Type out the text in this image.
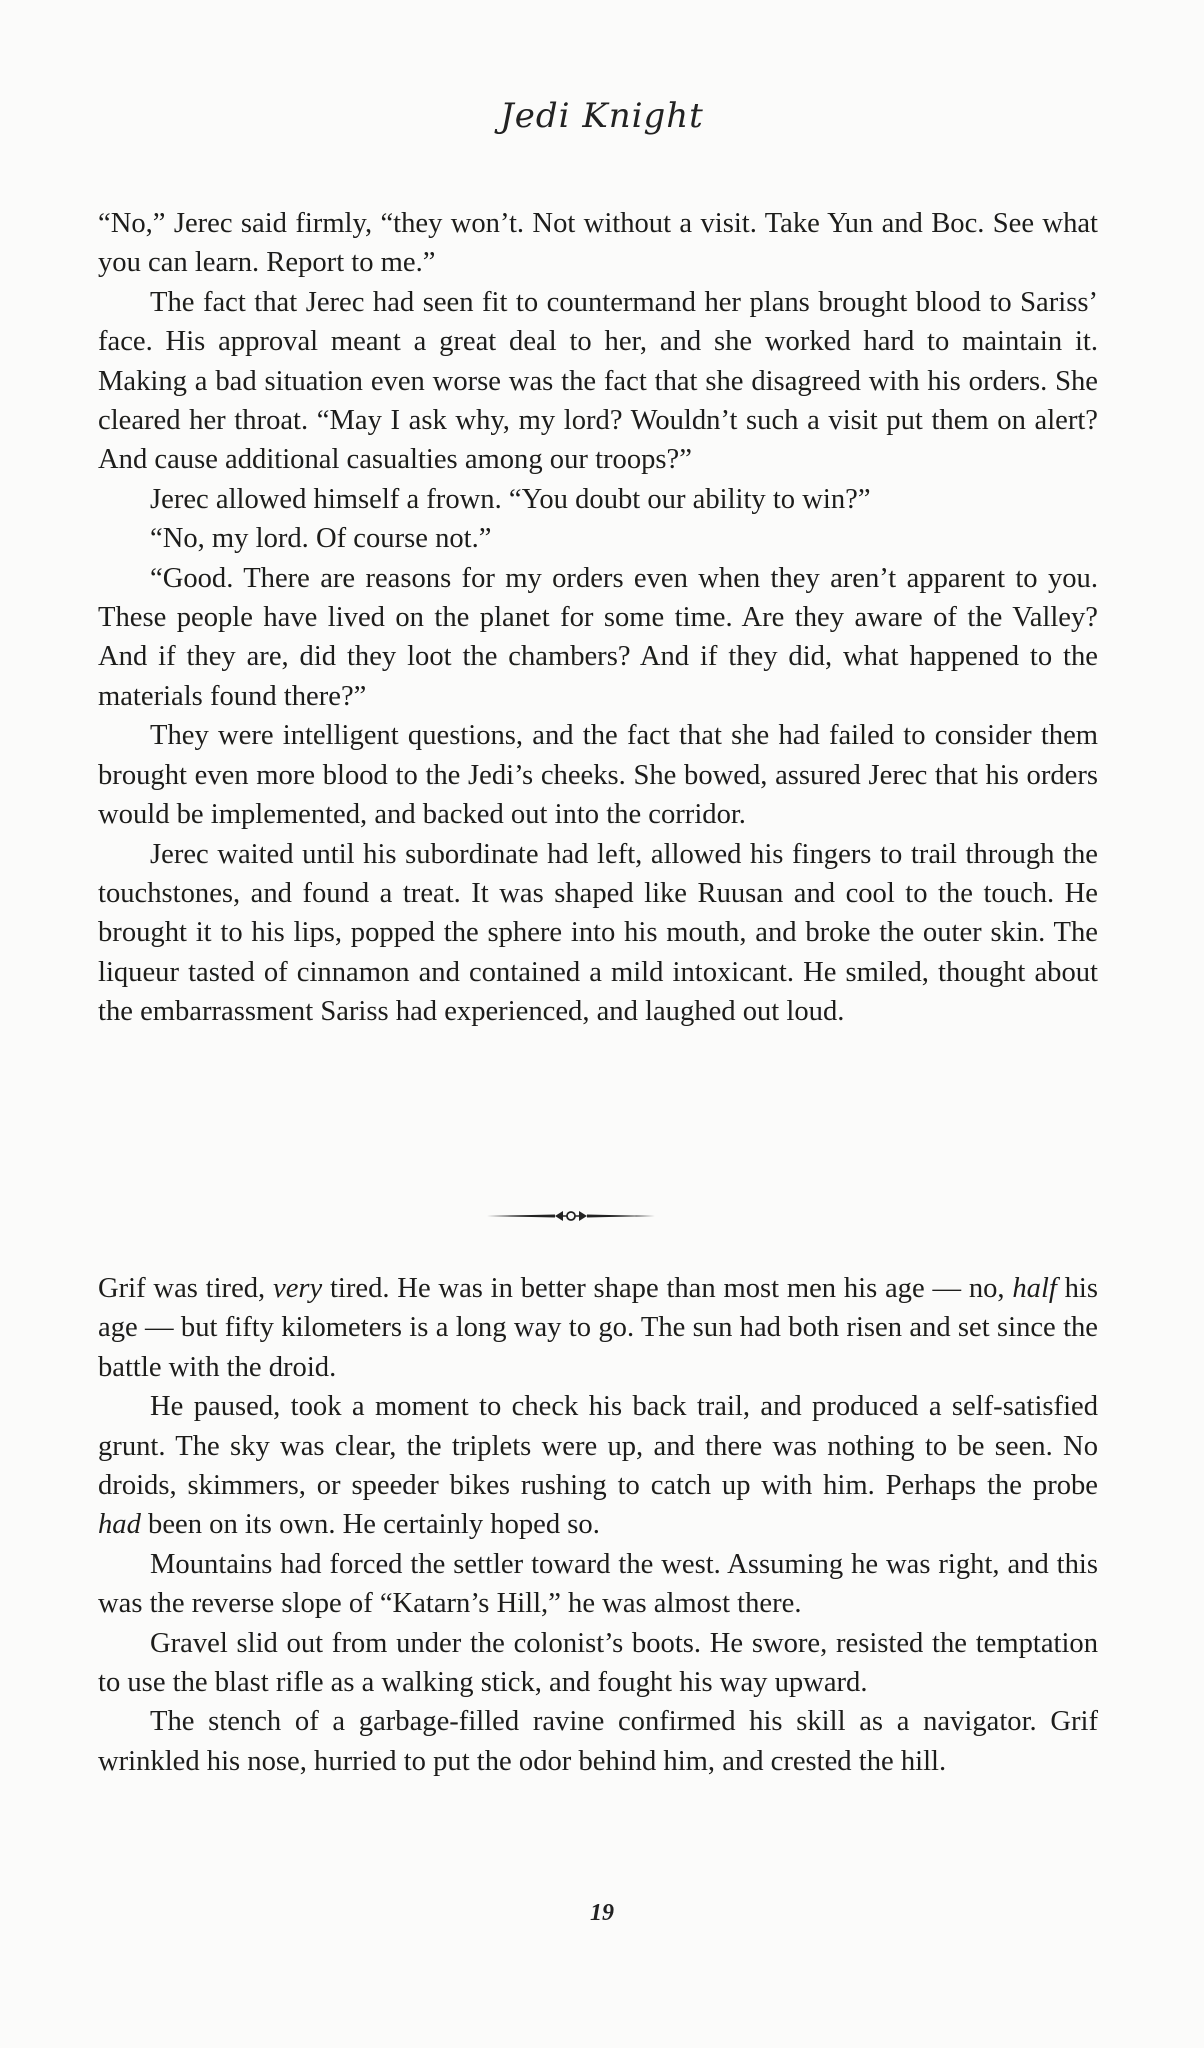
Jedi Knight

“No,” Jerec said firmly, “they won’t. Not without a visit. Take Yun and Boc. See what you can learn. Report to me.”

The fact that Jerec had seen fit to countermand her plans brought blood to Sariss’ face. His approval meant a great deal to her, and she worked hard to maintain it. Making a bad situation even worse was the fact that she disagreed with his orders. She cleared her throat. “May I ask why, my lord? Wouldn’t such a visit put them on alert? And cause additional casualties among our troops?”

Jerec allowed himself a frown. “You doubt our ability to win?”

“No, my lord. Of course not.”

“Good. There are reasons for my orders even when they aren’t apparent to you. These people have lived on the planet for some time. Are they aware of the Valley? And if they are, did they loot the chambers? And if they did, what happened to the materials found there?”

They were intelligent questions, and the fact that she had failed to consider them brought even more blood to the Jedi’s cheeks. She bowed, assured Jerec that his orders would be implemented, and backed out into the corridor.

Jerec waited until his subordinate had left, allowed his fingers to trail through the touchstones, and found a treat. It was shaped like Ruusan and cool to the touch. He brought it to his lips, popped the sphere into his mouth, and broke the outer skin. The liqueur tasted of cinnamon and contained a mild intoxicant. He smiled, thought about the embarrassment Sariss had experienced, and laughed out loud.

Grif was tired, very tired. He was in better shape than most men his age — no, half his age — but fifty kilometers is a long way to go. The sun had both risen and set since the battle with the droid.

He paused, took a moment to check his back trail, and produced a self-satisfied grunt. The sky was clear, the triplets were up, and there was nothing to be seen. No droids, skimmers, or speeder bikes rushing to catch up with him. Perhaps the probe had been on its own. He certainly hoped so.

Mountains had forced the settler toward the west. Assuming he was right, and this was the reverse slope of “Katarn’s Hill,” he was almost there.

Gravel slid out from under the colonist’s boots. He swore, resisted the temptation to use the blast rifle as a walking stick, and fought his way upward.

The stench of a garbage-filled ravine confirmed his skill as a navigator. Grif wrinkled his nose, hurried to put the odor behind him, and crested the hill.

19
